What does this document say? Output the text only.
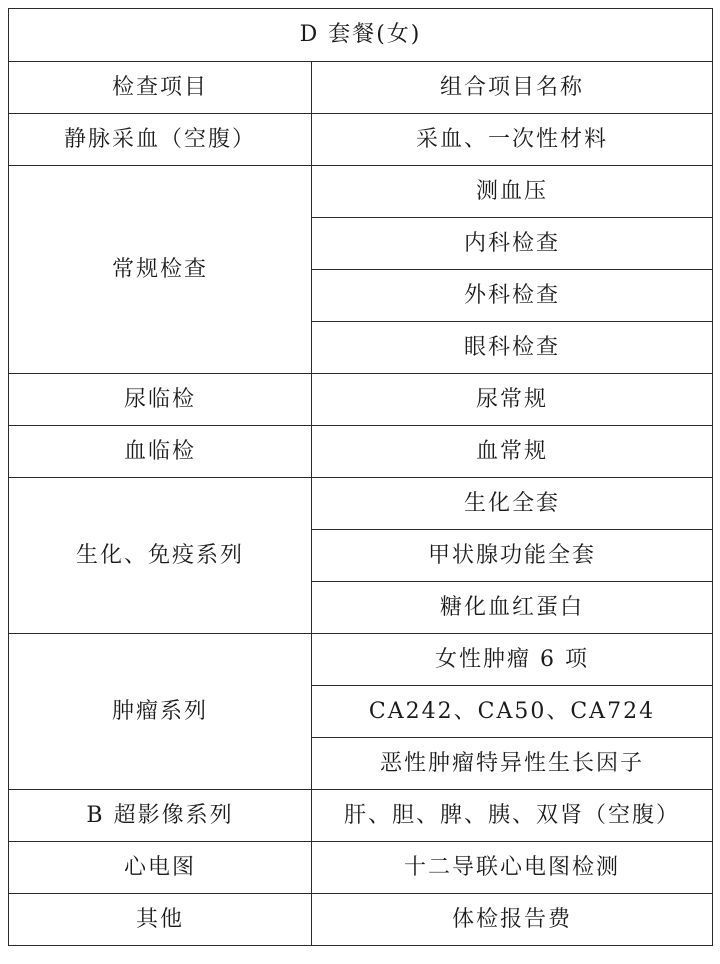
D 套餐(女)	
检查项目	组合项目名称
静脉采血（空腹）	采血、一次性材料
常规检查	测血压
	内科检查
	外科检查
	眼科检查
尿临检	尿常规
血临检	血常规
生化、免疫系列	生化全套
	甲状腺功能全套
	糖化血红蛋白
肿瘤系列	女性肿瘤 6 项
	CA242、CA50、CA724
	恶性肿瘤特异性生长因子
B 超影像系列	肝、胆、脾、胰、双肾（空腹）
心电图	十二导联心电图检测
其他	体检报告费
